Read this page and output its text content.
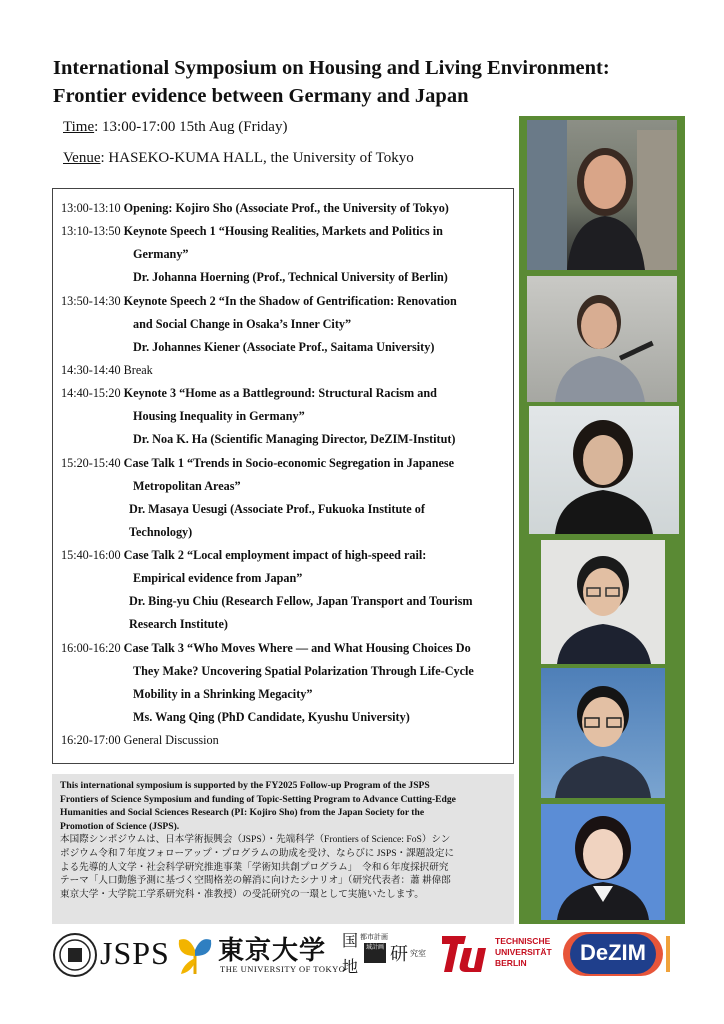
International Symposium on Housing and Living Environment:
Frontier evidence between Germany and Japan
Time: 13:00-17:00 15th Aug (Friday)
Venue: HASEKO-KUMA HALL, the University of Tokyo
13:00-13:10 Opening: Kojiro Sho (Associate Prof., the University of Tokyo)
13:10-13:50 Keynote Speech 1 “Housing Realities, Markets and Politics in
Germany”
Dr. Johanna Hoerning (Prof., Technical University of Berlin)
13:50-14:30 Keynote Speech 2 “In the Shadow of Gentrification: Renovation
and Social Change in Osaka’s Inner City”
Dr. Johannes Kiener (Associate Prof., Saitama University)
14:30-14:40 Break
14:40-15:20 Keynote 3 “Home as a Battleground: Structural Racism and
Housing Inequality in Germany”
Dr. Noa K. Ha (Scientific Managing Director, DeZIM-Institut)
15:20-15:40 Case Talk 1 “Trends in Socio-economic Segregation in Japanese
Metropolitan Areas”
Dr. Masaya Uesugi (Associate Prof., Fukuoka Institute of
Technology)
15:40-16:00 Case Talk 2 “Local employment impact of high-speed rail:
Empirical evidence from Japan”
Dr. Bing-yu Chiu (Research Fellow, Japan Transport and Tourism
Research Institute)
16:00-16:20 Case Talk 3 “Who Moves Where — and What Housing Choices Do
They Make? Uncovering Spatial Polarization Through Life-Cycle
Mobility in a Shrinking Megacity”
Ms. Wang Qing (PhD Candidate, Kyushu University)
16:20-17:00 General Discussion
This international symposium is supported by the FY2025 Follow-up Program of the JSPS
Frontiers of Science Symposium and funding of Topic-Setting Program to Advance Cutting-Edge
Humanities and Social Sciences Research (PI: Kojiro Sho) from the Japan Society for the
Promotion of Science (JSPS).
本国際シンポジウムは、日本学術振興会（JSPS）・先端科学（Frontiers of Science: FoS）シン
ポジウム令和７年度フォローアップ・プログラムの助成を受け、ならびに JSPS・課題設定に
よる先導的人文学・社会科学研究推進事業「学術知共創プログラム」　令和６年度採択研究
テーマ「人口動態予測に基づく空間格差の解消に向けたシナリオ」（研究代表者：蕭 耕偉郎
東京大学・大学院工学系研究科・准教授）の受託研究の一環として実施いたします。
JSPS 東京大学
THE UNIVERSITY OF TOKYO
国 都市計画
域計画
地
研 究室
TECHNISCHE
UNIVERSITÄT
BERLIN	DeZIM
